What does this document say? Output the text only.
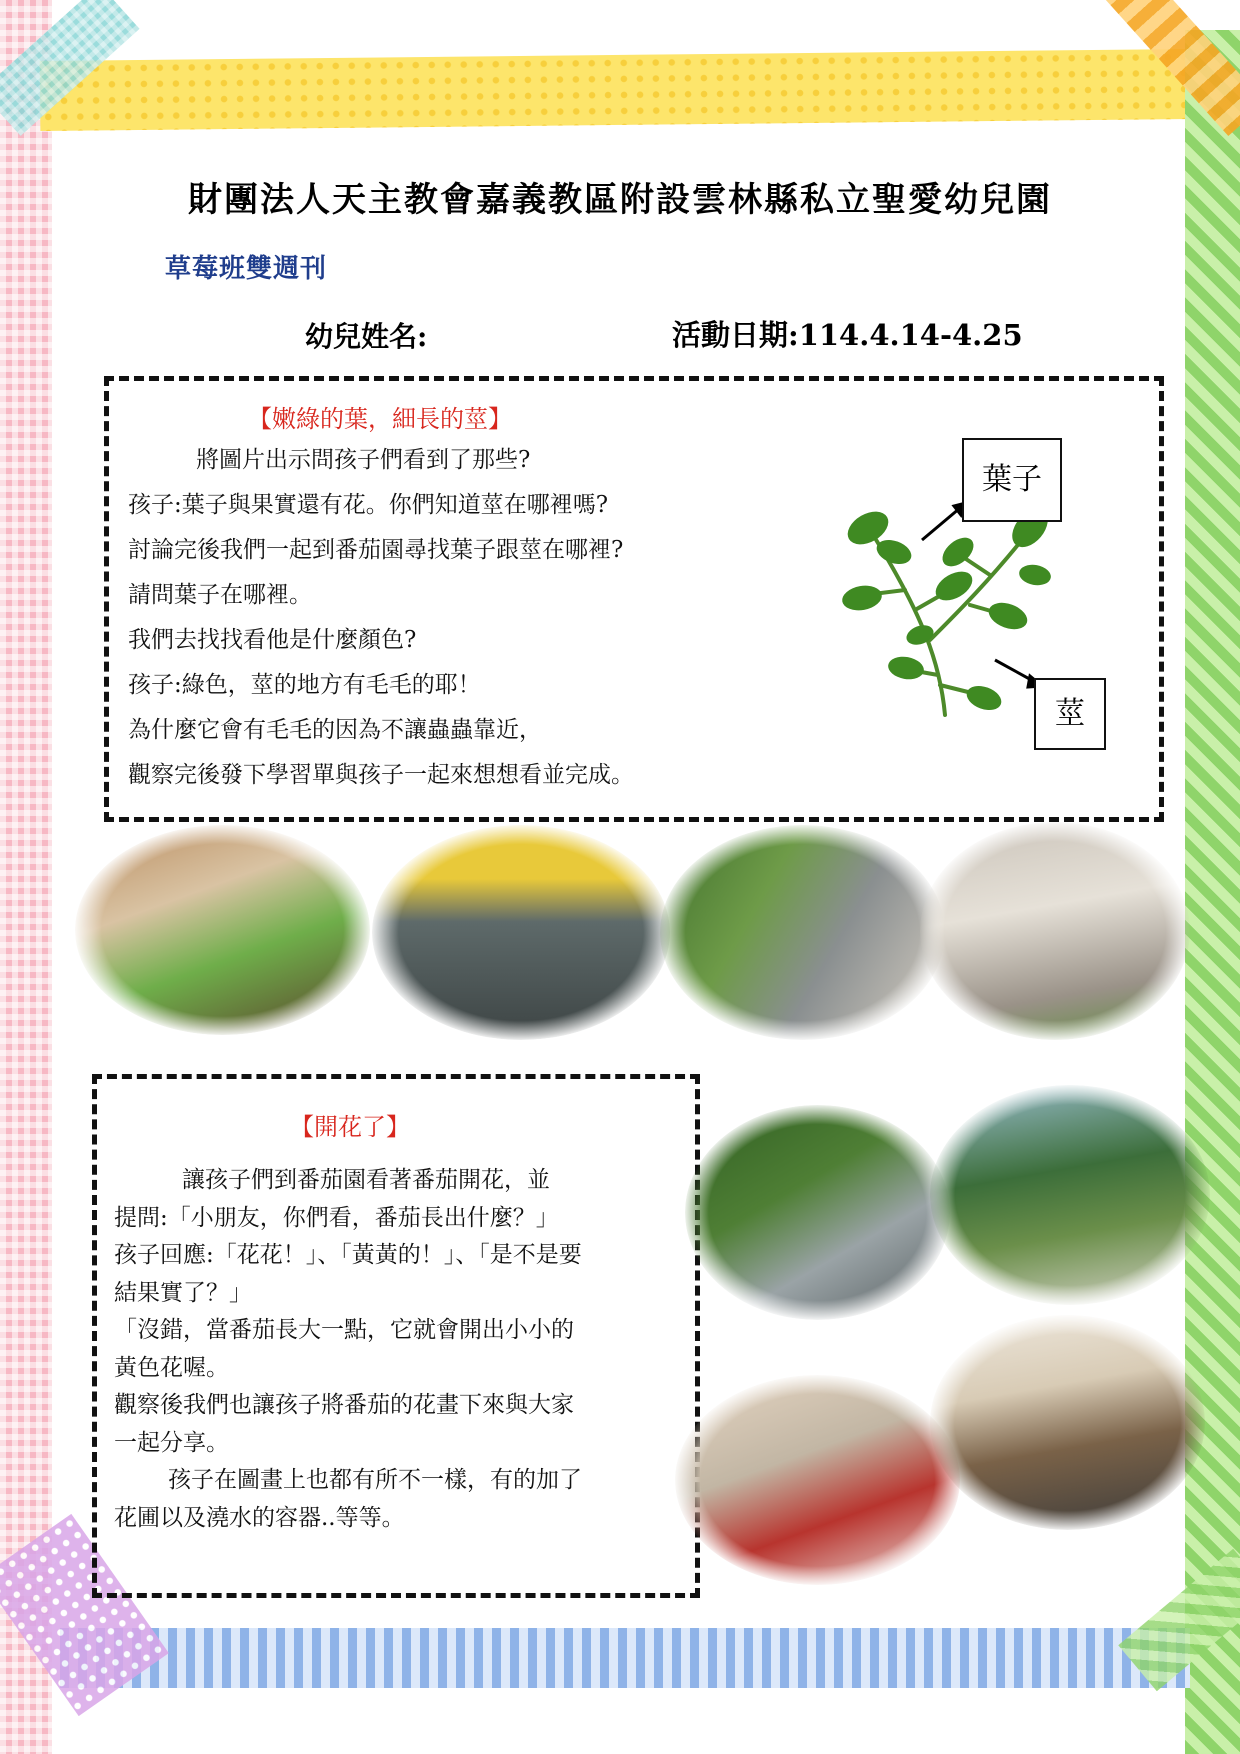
財團法人天主教會嘉義教區附設雲林縣私立聖愛幼兒園
草莓班雙週刊
幼兒姓名:	活動日期:114.4.14-4.25
【嫩綠的葉，細長的莖】
將圖片出示問孩子們看到了那些?
孩子:葉子與果實還有花。你們知道莖在哪裡嗎?
討論完後我們一起到番茄園尋找葉子跟莖在哪裡?
請問葉子在哪裡。
我們去找找看他是什麼顏色?
孩子:綠色，莖的地方有毛毛的耶！
為什麼它會有毛毛的因為不讓蟲蟲靠近，
觀察完後發下學習單與孩子一起來想想看並完成。
葉子
莖
【開花了】
讓孩子們到番茄園看著番茄開花，並
提問:「小朋友，你們看，番茄長出什麼？」
孩子回應:「花花！」、「黃黃的！」、「是不是要
結果實了？」
「沒錯，當番茄長大一點，它就會開出小小的
黃色花喔。
觀察後我們也讓孩子將番茄的花畫下來與大家
一起分享。
孩子在圖畫上也都有所不一樣，有的加了
花圃以及澆水的容器..等等。
